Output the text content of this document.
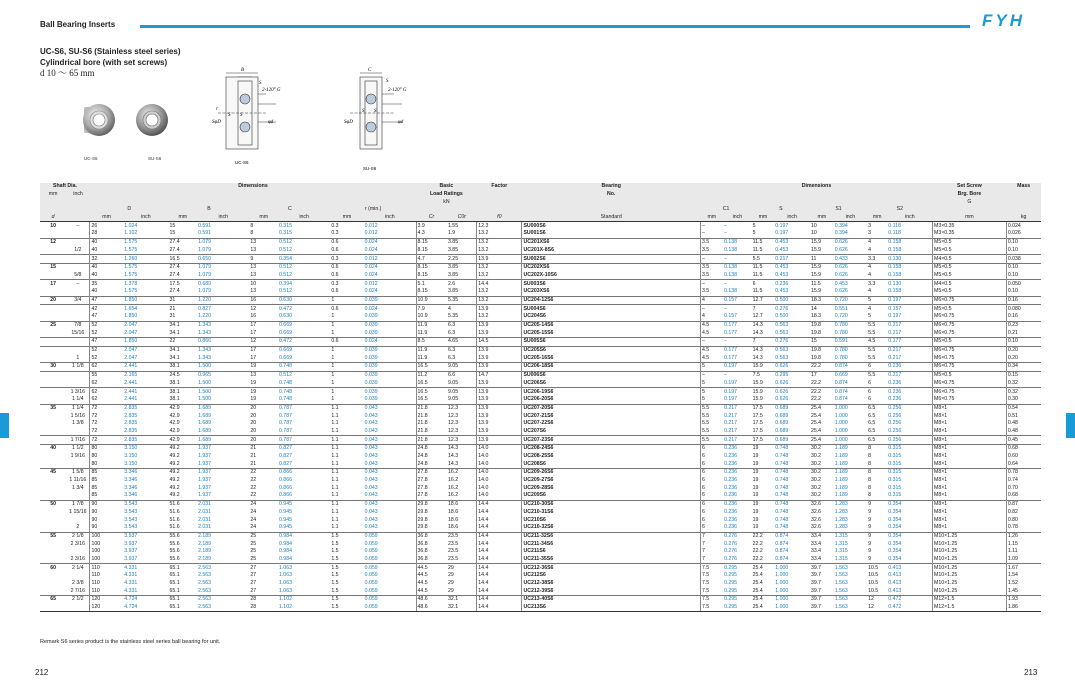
Ball Bearing Inserts	FYH
UC-S6, SU-S6 (Stainless steel series)
Cylindrical bore (with set screws)
d 10 ～ 65 mm
UC-S6	SU-S6
B
S
2-120° G
r
S S
SφD	φd
UC-S6
C
S
2-120° G
S S
SφD	φd
SU-S6
Shaft Dia.		Dimensions								Basic		Factor	Bearing	Dimensions								Set Screw	Mass
mm	inch									Load Ratings			No.									Brg. Bore	
										kN												G	
		D		B		C		r (min.)						C1		S		S1		S2			
d		mm	inch	mm	inch	mm	inch	mm	inch	Cr	C0r	f0	Standard	mm	inch	mm	inch	mm	inch	mm	inch	mm	kg
10	–	26	1.024	15	0.591	8	0.315	0.3	0.012	3.9	1.55	12.3	SU000S6	–	–	5	0.197	10	0.394	3	0.118	M3×0.35	0.024
		28	1.102	15	0.591	8	0.315	0.3	0.012	4.3	1.9	13.2	SU001S6	–	–	5	0.197	10	0.394	3	0.118	M3×0.35	0.026
12		40	1.575	27.4	1.079	13	0.512	0.6	0.024	8.15	3.85	13.2	UC201XS6	3.5	0.138	11.5	0.453	15.9	0.626	4	0.158	M5×0.5	0.10
	1/2	40	1.575	27.4	1.079	13	0.512	0.6	0.024	8.15	3.85	13.2	UC201X-8S6	3.5	0.138	11.5	0.453	15.9	0.626	4	0.158	M5×0.5	0.10
		32	1.260	16.5	0.650	9	0.354	0.3	0.012	4.7	2.25	13.9	SU002S6	–	–	5.5	0.217	11	0.433	3.3	0.130	M4×0.5	0.038
15		40	1.575	27.4	1.079	13	0.512	0.6	0.024	8.15	3.85	13.2	UC202XS6	3.5	0.138	11.5	0.453	15.9	0.626	4	0.158	M5×0.5	0.10
	5/8	40	1.575	27.4	1.079	13	0.512	0.6	0.024	8.15	3.85	13.2	UC202X-10S6	3.5	0.138	11.5	0.453	15.9	0.626	4	0.158	M5×0.5	0.10
17	–	35	1.378	17.5	0.689	10	0.394	0.3	0.012	5.1	2.6	14.4	SU003S6	–	–	6	0.236	11.5	0.453	3.3	0.130	M4×0.5	0.050
		40	1.575	27.4	1.079	13	0.512	0.6	0.024	8.15	3.85	13.2	UC203XS6	3.5	0.138	11.5	0.453	15.9	0.626	4	0.158	M5×0.5	0.10
20	3/4	47	1.850	31	1.220	16	0.630	1	0.039	10.9	5.35	13.2	UC204-12S6	4	0.157	12.7	0.500	18.3	0.720	5	0.197	M6×0.75	0.16
		42	1.654	21	0.827	12	0.472	0.6	0.024	7.9	4	13.9	SU004S6	–	–	7	0.276	14	0.551	4	0.157	M5×0.5	0.080
		47	1.850	31	1.220	16	0.630	1	0.039	10.9	5.35	13.2	UC204S6	4	0.157	12.7	0.500	18.3	0.720	5	0.197	M6×0.75	0.16
25	7/8	52	2.047	34.1	1.343	17	0.669	1	0.039	11.9	6.3	13.9	UC205-14S6	4.5	0.177	14.3	0.563	19.8	0.780	5.5	0.217	M6×0.75	0.23
	15/16	52	2.047	34.1	1.343	17	0.669	1	0.039	11.9	6.3	13.9	UC205-15S6	4.5	0.177	14.3	0.563	19.8	0.780	5.5	0.217	M6×0.75	0.21
		47	1.850	22	0.866	12	0.472	0.6	0.024	8.5	4.65	14.5	SU005S6	–	–	7	0.276	15	0.591	4.5	0.177	M5×0.5	0.10
		52	2.047	34.1	1.343	17	0.669	1	0.039	11.9	6.3	13.9	UC205S6	4.5	0.177	14.3	0.563	19.8	0.780	5.5	0.217	M6×0.75	0.20
	1	52	2.047	34.1	1.343	17	0.669	1	0.039	11.9	6.3	13.9	UC205-16S6	4.5	0.177	14.3	0.563	19.8	0.780	5.5	0.217	M6×0.75	0.20
30	1 1/8	62	2.441	38.1	1.500	19	0.748	1	0.039	16.5	9.05	13.9	UC206-18S6	5	0.197	15.9	0.626	22.2	0.874	6	0.236	M6×0.75	0.34
		55	2.165	24.5	0.965	13	0.512	1	0.039	11.2	6.6	14.7	SU006S6	–	–	7.5	0.295	17	0.669	5.5	0.217	M5×0.5	0.15
		62	2.441	38.1	1.500	19	0.748	1	0.039	16.5	9.05	13.9	UC206S6	5	0.197	15.9	0.626	22.2	0.874	6	0.236	M6×0.75	0.32
	1 3/16	62	2.441	38.1	1.500	19	0.748	1	0.039	16.5	9.05	13.9	UC206-19S6	5	0.197	15.9	0.626	22.2	0.874	6	0.236	M6×0.75	0.32
	1 1/4	62	2.441	38.1	1.500	19	0.748	1	0.039	16.5	9.05	13.9	UC206-20S6	5	0.197	15.9	0.626	22.2	0.874	6	0.236	M6×0.75	0.30
35	1 1/4	72	2.835	42.9	1.689	20	0.787	1.1	0.043	21.8	12.3	13.9	UC207-20S6	5.5	0.217	17.5	0.689	25.4	1.000	6.5	0.256	M8×1	0.54
	1 5/16	72	2.835	42.9	1.689	20	0.787	1.1	0.043	21.8	12.3	13.9	UC207-21S6	5.5	0.217	17.5	0.689	25.4	1.000	6.5	0.256	M8×1	0.51
	1 3/8	72	2.835	42.9	1.689	20	0.787	1.1	0.043	21.8	12.3	13.9	UC207-22S6	5.5	0.217	17.5	0.689	25.4	1.000	6.5	0.256	M8×1	0.48
		72	2.835	42.9	1.689	20	0.787	1.1	0.043	21.8	12.3	13.9	UC207S6	5.5	0.217	17.5	0.689	25.4	1.000	6.5	0.256	M8×1	0.48
	1 7/16	72	2.835	42.9	1.689	20	0.787	1.1	0.043	21.8	12.3	13.9	UC207-23S6	5.5	0.217	17.5	0.689	25.4	1.000	6.5	0.256	M8×1	0.45
40	1 1/2	80	3.150	49.2	1.937	21	0.827	1.1	0.043	24.8	14.3	14.0	UC208-24S6	6	0.236	19	0.748	30.2	1.189	8	0.315	M8×1	0.68
	1 9/16	80	3.150	49.2	1.937	21	0.827	1.1	0.043	24.8	14.3	14.0	UC208-25S6	6	0.236	19	0.748	30.2	1.189	8	0.315	M8×1	0.60
		80	3.150	49.2	1.937	21	0.827	1.1	0.043	24.8	14.3	14.0	UC208S6	6	0.236	19	0.748	30.2	1.189	8	0.315	M8×1	0.64
45	1 5/8	85	3.346	49.2	1.937	22	0.866	1.1	0.043	27.8	16.2	14.0	UC209-26S6	6	0.236	19	0.748	30.2	1.189	8	0.315	M8×1	0.78
	1 11/16	85	3.346	49.2	1.937	22	0.866	1.1	0.043	27.8	16.2	14.0	UC209-27S6	6	0.236	19	0.748	30.2	1.189	8	0.315	M8×1	0.74
	1 3/4	85	3.346	49.2	1.937	22	0.866	1.1	0.043	27.8	16.2	14.0	UC209-28S6	6	0.236	19	0.748	30.2	1.189	8	0.315	M8×1	0.70
		85	3.346	49.2	1.937	22	0.866	1.1	0.043	27.8	16.2	14.0	UC209S6	6	0.236	19	0.748	30.2	1.189	8	0.315	M8×1	0.68
50	1 7/8	90	3.543	51.6	2.031	24	0.945	1.1	0.043	29.8	18.6	14.4	UC210-30S6	6	0.236	19	0.748	32.6	1.283	9	0.354	M8×1	0.87
	1 15/16	90	3.543	51.6	2.031	24	0.945	1.1	0.043	29.8	18.6	14.4	UC210-31S6	6	0.236	19	0.748	32.6	1.283	9	0.354	M8×1	0.82
		90	3.543	51.6	2.031	24	0.945	1.1	0.043	29.8	18.6	14.4	UC210S6	6	0.236	19	0.748	32.6	1.283	9	0.354	M8×1	0.80
	2	90	3.543	51.6	2.031	24	0.945	1.1	0.043	29.8	18.6	14.4	UC210-32S6	6	0.236	19	0.748	32.6	1.283	9	0.354	M8×1	0.78
55	2 1/8	100	3.937	55.6	2.189	25	0.984	1.5	0.059	36.8	23.5	14.4	UC211-32S6	7	0.276	22.2	0.874	33.4	1.315	9	0.354	M10×1.25	1.26
	2 3/16	100	3.937	55.6	2.189	25	0.984	1.5	0.059	36.8	23.5	14.4	UC211-34S6	7	0.276	22.2	0.874	33.4	1.315	9	0.354	M10×1.25	1.15
		100	3.937	55.6	2.189	25	0.984	1.5	0.059	36.8	23.5	14.4	UC211S6	7	0.276	22.2	0.874	33.4	1.315	9	0.354	M10×1.25	1.11
	2 3/16	100	3.937	55.6	2.189	25	0.984	1.5	0.059	36.8	23.5	14.4	UC211-35S6	7	0.276	22.2	0.874	33.4	1.315	9	0.354	M10×1.25	1.09
60	2 1/4	110	4.331	65.1	2.563	27	1.063	1.5	0.059	44.5	29	14.4	UC212-36S6	7.5	0.295	25.4	1.000	39.7	1.563	10.5	0.413	M10×1.25	1.67
		110	4.331	65.1	2.563	27	1.063	1.5	0.059	44.5	29	14.4	UC212S6	7.5	0.295	25.4	1.000	39.7	1.563	10.5	0.413	M10×1.25	1.54
	2 3/8	110	4.331	65.1	2.563	27	1.063	1.5	0.059	44.5	29	14.4	UC212-38S6	7.5	0.295	25.4	1.000	39.7	1.563	10.5	0.413	M10×1.25	1.52
	2 7/16	110	4.331	65.1	2.563	27	1.063	1.5	0.059	44.5	29	14.4	UC212-39S6	7.5	0.295	25.4	1.000	39.7	1.563	10.5	0.413	M10×1.25	1.45
65	2 1/2	120	4.724	65.1	2.563	28	1.102	1.5	0.059	48.6	32.1	14.4	UC213-40S6	7.5	0.295	25.4	1.000	39.7	1.563	12	0.472	M12×1.5	1.93
		120	4.724	65.1	2.563	28	1.102	1.5	0.059	48.6	32.1	14.4	UC213S6	7.5	0.295	25.4	1.000	39.7	1.563	12	0.472	M12×1.5	1.86
Remark S6 series product is the stainless steel series ball bearing for unit.
212	213
